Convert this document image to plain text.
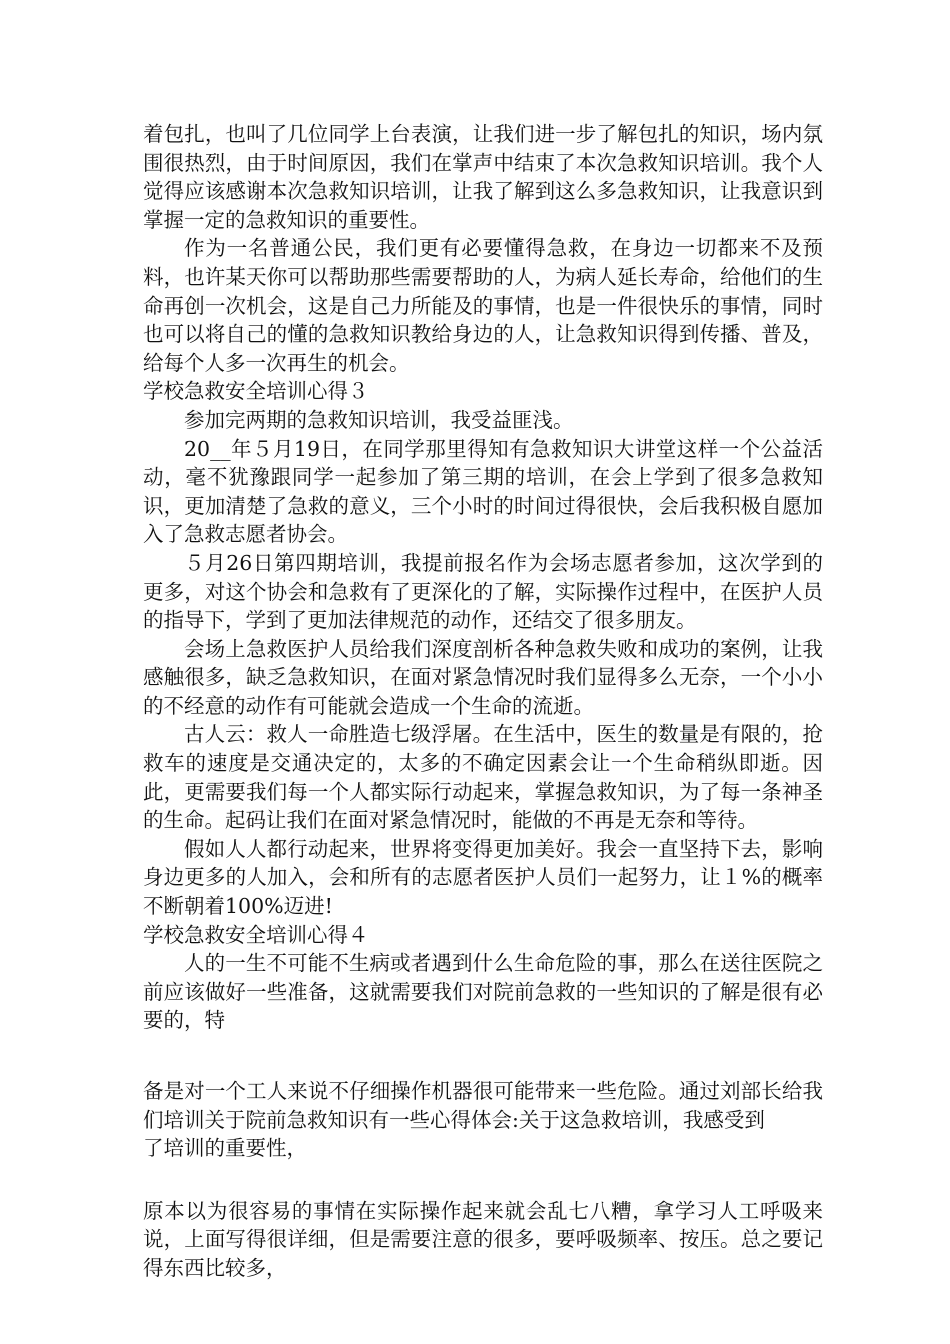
着包扎，也叫了几位同学上台表演，让我们进一步了解包扎的知识，场内氛围很热烈，由于时间原因，我们在掌声中结束了本次急救知识培训。我个人觉得应该感谢本次急救知识培训，让我了解到这么多急救知识，让我意识到掌握一定的急救知识的重要性。

作为一名普通公民，我们更有必要懂得急救，在身边一切都来不及预料，也许某天你可以帮助那些需要帮助的人，为病人延长寿命，给他们的生命再创一次机会，这是自己力所能及的事情，也是一件很快乐的事情，同时也可以将自己的懂的急救知识教给身边的人，让急救知识得到传播、普及，给每个人多一次再生的机会。

学校急救安全培训心得３

参加完两期的急救知识培训，我受益匪浅。

20__年５月19日，在同学那里得知有急救知识大讲堂这样一个公益活动，毫不犹豫跟同学一起参加了第三期的培训，在会上学到了很多急救知识，更加清楚了急救的意义，三个小时的时间过得很快，会后我积极自愿加入了急救志愿者协会。

５月26日第四期培训，我提前报名作为会场志愿者参加，这次学到的更多，对这个协会和急救有了更深化的了解，实际操作过程中，在医护人员的指导下，学到了更加法律规范的动作，还结交了很多朋友。

会场上急救医护人员给我们深度剖析各种急救失败和成功的案例，让我感触很多，缺乏急救知识，在面对紧急情况时我们显得多么无奈，一个小小的不经意的动作有可能就会造成一个生命的流逝。

古人云：救人一命胜造七级浮屠。在生活中，医生的数量是有限的，抢救车的速度是交通决定的，太多的不确定因素会让一个生命稍纵即逝。因此，更需要我们每一个人都实际行动起来，掌握急救知识，为了每一条神圣的生命。起码让我们在面对紧急情况时，能做的不再是无奈和等待。

假如人人都行动起来，世界将变得更加美好。我会一直坚持下去，影响身边更多的人加入，会和所有的志愿者医护人员们一起努力，让１%的概率不断朝着100%迈进!

学校急救安全培训心得４

人的一生不可能不生病或者遇到什么生命危险的事，那么在送往医院之前应该做好一些准备，这就需要我们对院前急救的一些知识的了解是很有必要的，特

备是对一个工人来说不仔细操作机器很可能带来一些危险。通过刘部长给我们培训关于院前急救知识有一些心得体会:关于这急救培训，我感受到

了培训的重要性，

原本以为很容易的事情在实际操作起来就会乱七八糟，拿学习人工呼吸来说，上面写得很详细，但是需要注意的很多，要呼吸频率、按压。总之要记得东西比较多，
